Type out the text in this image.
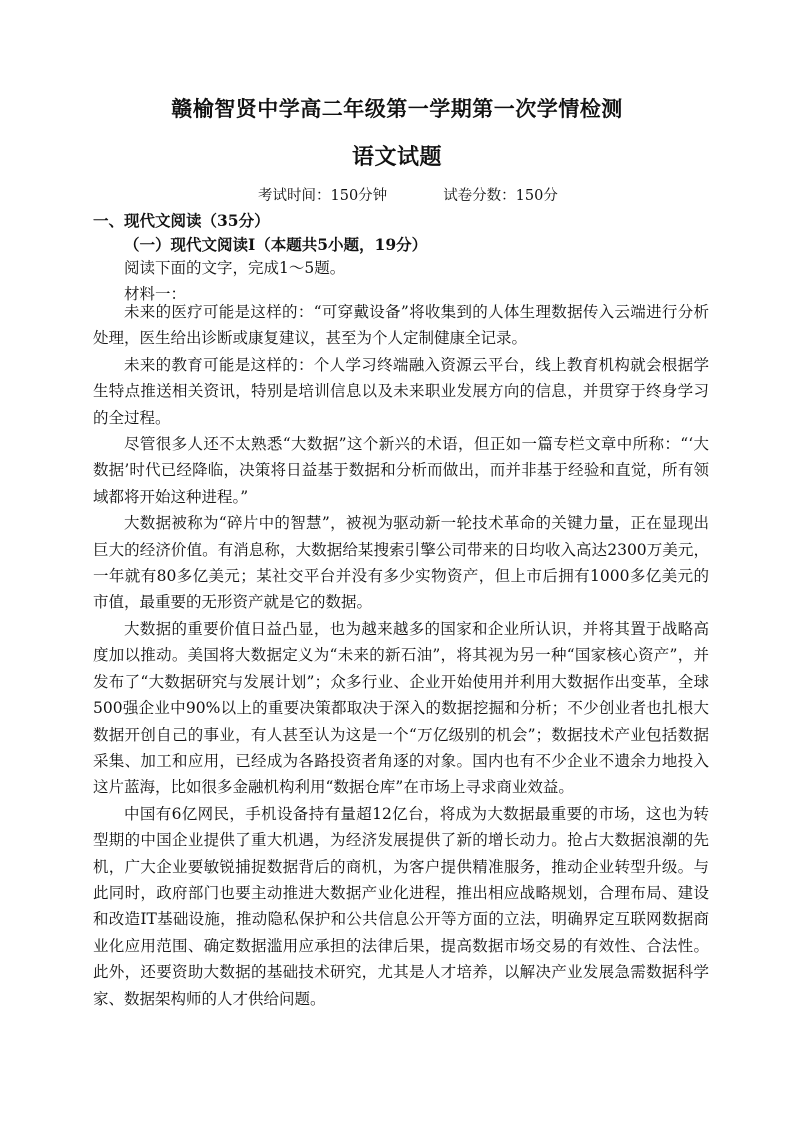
赣榆智贤中学高二年级第一学期第一次学情检测
语文试题
考试时间：150分钟	试卷分数：150分
一、现代文阅读（35分）
（一）现代文阅读Ⅰ（本题共5小题，19分）
阅读下面的文字，完成1～5题。
材料一：

未来的医疗可能是这样的：“可穿戴设备”将收集到的人体生理数据传入云端进行分析处理，医生给出诊断或康复建议，甚至为个人定制健康全记录。

未来的教育可能是这样的：个人学习终端融入资源云平台，线上教育机构就会根据学生特点推送相关资讯，特别是培训信息以及未来职业发展方向的信息，并贯穿于终身学习的全过程。

尽管很多人还不太熟悉“大数据”这个新兴的术语，但正如一篇专栏文章中所称：“‘大数据’时代已经降临，决策将日益基于数据和分析而做出，而并非基于经验和直觉，所有领域都将开始这种进程。”

大数据被称为“碎片中的智慧”，被视为驱动新一轮技术革命的关键力量，正在显现出巨大的经济价值。有消息称，大数据给某搜索引擎公司带来的日均收入高达2300万美元，一年就有80多亿美元；某社交平台并没有多少实物资产，但上市后拥有1000多亿美元的市值，最重要的无形资产就是它的数据。

大数据的重要价值日益凸显，也为越来越多的国家和企业所认识，并将其置于战略高度加以推动。美国将大数据定义为“未来的新石油”，将其视为另一种“国家核心资产”，并发布了“大数据研究与发展计划”；众多行业、企业开始使用并利用大数据作出变革，全球500强企业中90%以上的重要决策都取决于深入的数据挖掘和分析；不少创业者也扎根大数据开创自己的事业，有人甚至认为这是一个“万亿级别的机会”；数据技术产业包括数据采集、加工和应用，已经成为各路投资者角逐的对象。国内也有不少企业不遗余力地投入这片蓝海，比如很多金融机构利用“数据仓库”在市场上寻求商业效益。

中国有6亿网民，手机设备持有量超12亿台，将成为大数据最重要的市场，这也为转型期的中国企业提供了重大机遇，为经济发展提供了新的增长动力。抢占大数据浪潮的先机，广大企业要敏锐捕捉数据背后的商机，为客户提供精准服务，推动企业转型升级。与此同时，政府部门也要主动推进大数据产业化进程，推出相应战略规划，合理布局、建设和改造IT基础设施，推动隐私保护和公共信息公开等方面的立法，明确界定互联网数据商业化应用范围、确定数据滥用应承担的法律后果，提高数据市场交易的有效性、合法性。此外，还要资助大数据的基础技术研究，尤其是人才培养，以解决产业发展急需数据科学家、数据架构师的人才供给问题。
